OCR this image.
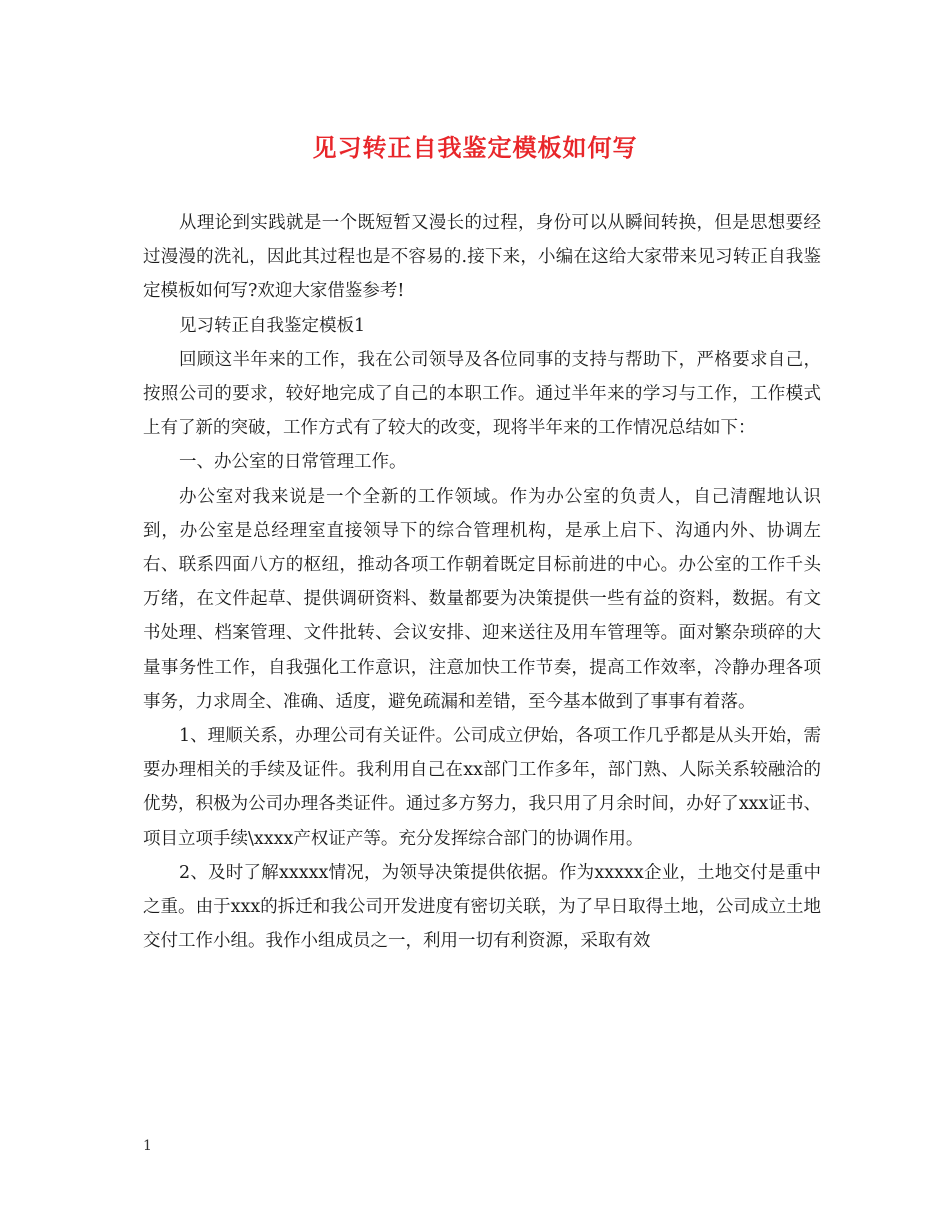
见习转正自我鉴定模板如何写

从理论到实践就是一个既短暂又漫长的过程，身份可以从瞬间转换，但是思想要经过漫漫的洗礼，因此其过程也是不容易的.接下来，小编在这给大家带来见习转正自我鉴定模板如何写?欢迎大家借鉴参考!

见习转正自我鉴定模板1

回顾这半年来的工作，我在公司领导及各位同事的支持与帮助下，严格要求自己，按照公司的要求，较好地完成了自己的本职工作。通过半年来的学习与工作，工作模式上有了新的突破，工作方式有了较大的改变，现将半年来的工作情况总结如下：

一、办公室的日常管理工作。

办公室对我来说是一个全新的工作领域。作为办公室的负责人，自己清醒地认识到，办公室是总经理室直接领导下的综合管理机构，是承上启下、沟通内外、协调左右、联系四面八方的枢纽，推动各项工作朝着既定目标前进的中心。办公室的工作千头万绪，在文件起草、提供调研资料、数量都要为决策提供一些有益的资料，数据。有文书处理、档案管理、文件批转、会议安排、迎来送往及用车管理等。面对繁杂琐碎的大量事务性工作，自我强化工作意识，注意加快工作节奏，提高工作效率，冷静办理各项事务，力求周全、准确、适度，避免疏漏和差错，至今基本做到了事事有着落。

1、理顺关系，办理公司有关证件。公司成立伊始，各项工作几乎都是从头开始，需要办理相关的手续及证件。我利用自己在xx部门工作多年，部门熟、人际关系较融洽的优势，积极为公司办理各类证件。通过多方努力，我只用了月余时间，办好了xxx证书、项目立项手续\xxxx产权证产等。充分发挥综合部门的协调作用。

2、及时了解xxxxx情况，为领导决策提供依据。作为xxxxx企业，土地交付是重中之重。由于xxx的拆迁和我公司开发进度有密切关联，为了早日取得土地，公司成立土地交付工作小组。我作小组成员之一，利用一切有利资源，采取有效

1
